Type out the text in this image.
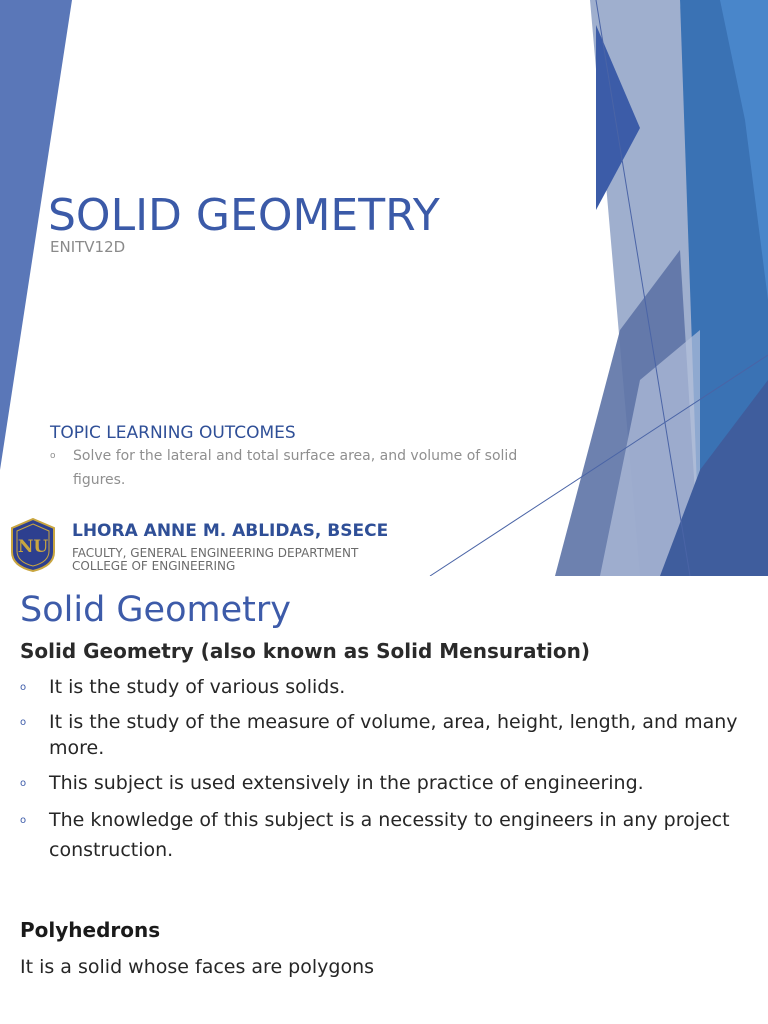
SOLID GEOMETRY
ENITV12D
TOPIC LEARNING OUTCOMES
o	Solve for the lateral and total surface area, and volume of solid figures.
NU
LHORA ANNE M. ABLIDAS, BSECE
FACULTY, GENERAL ENGINEERING DEPARTMENT
COLLEGE OF ENGINEERING
Solid Geometry
Solid Geometry (also known as Solid Mensuration)
o It is the study of various solids.
o It is the study of the measure of volume, area, height, length, and many more.
o This subject is used extensively in the practice of engineering.
o The knowledge of this subject is a necessity to engineers in any project construction.
Polyhedrons
It is a solid whose faces are polygons
